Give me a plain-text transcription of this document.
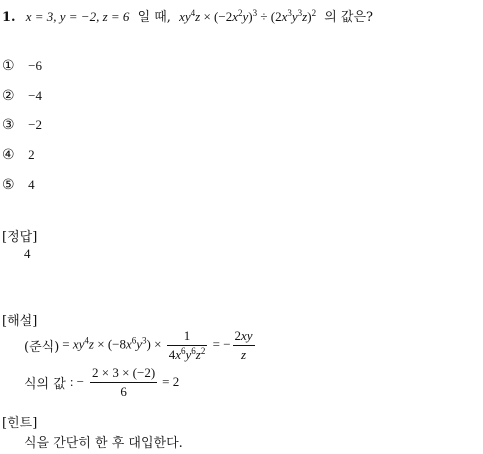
1. x = 3, y = −2, z = 6 일 때, $xy^4z \times (-2x^2y)^3 \div (2x^3y^3z)^2$ 의 값은?
① −6
② −4
③ −2
④ 2
⑤ 4
[정답]
4
[해설]
(준식) = $xy^4z \times (-8x^6y^3) \times \frac{1}{4x^6y^6z^2}$ = − $\frac{2xy}{z}$
식의 값 : − $\frac{2 \times 3 \times (-2)}{6} = 2$
[힌트]
식을 간단히 한 후 대입한다.
